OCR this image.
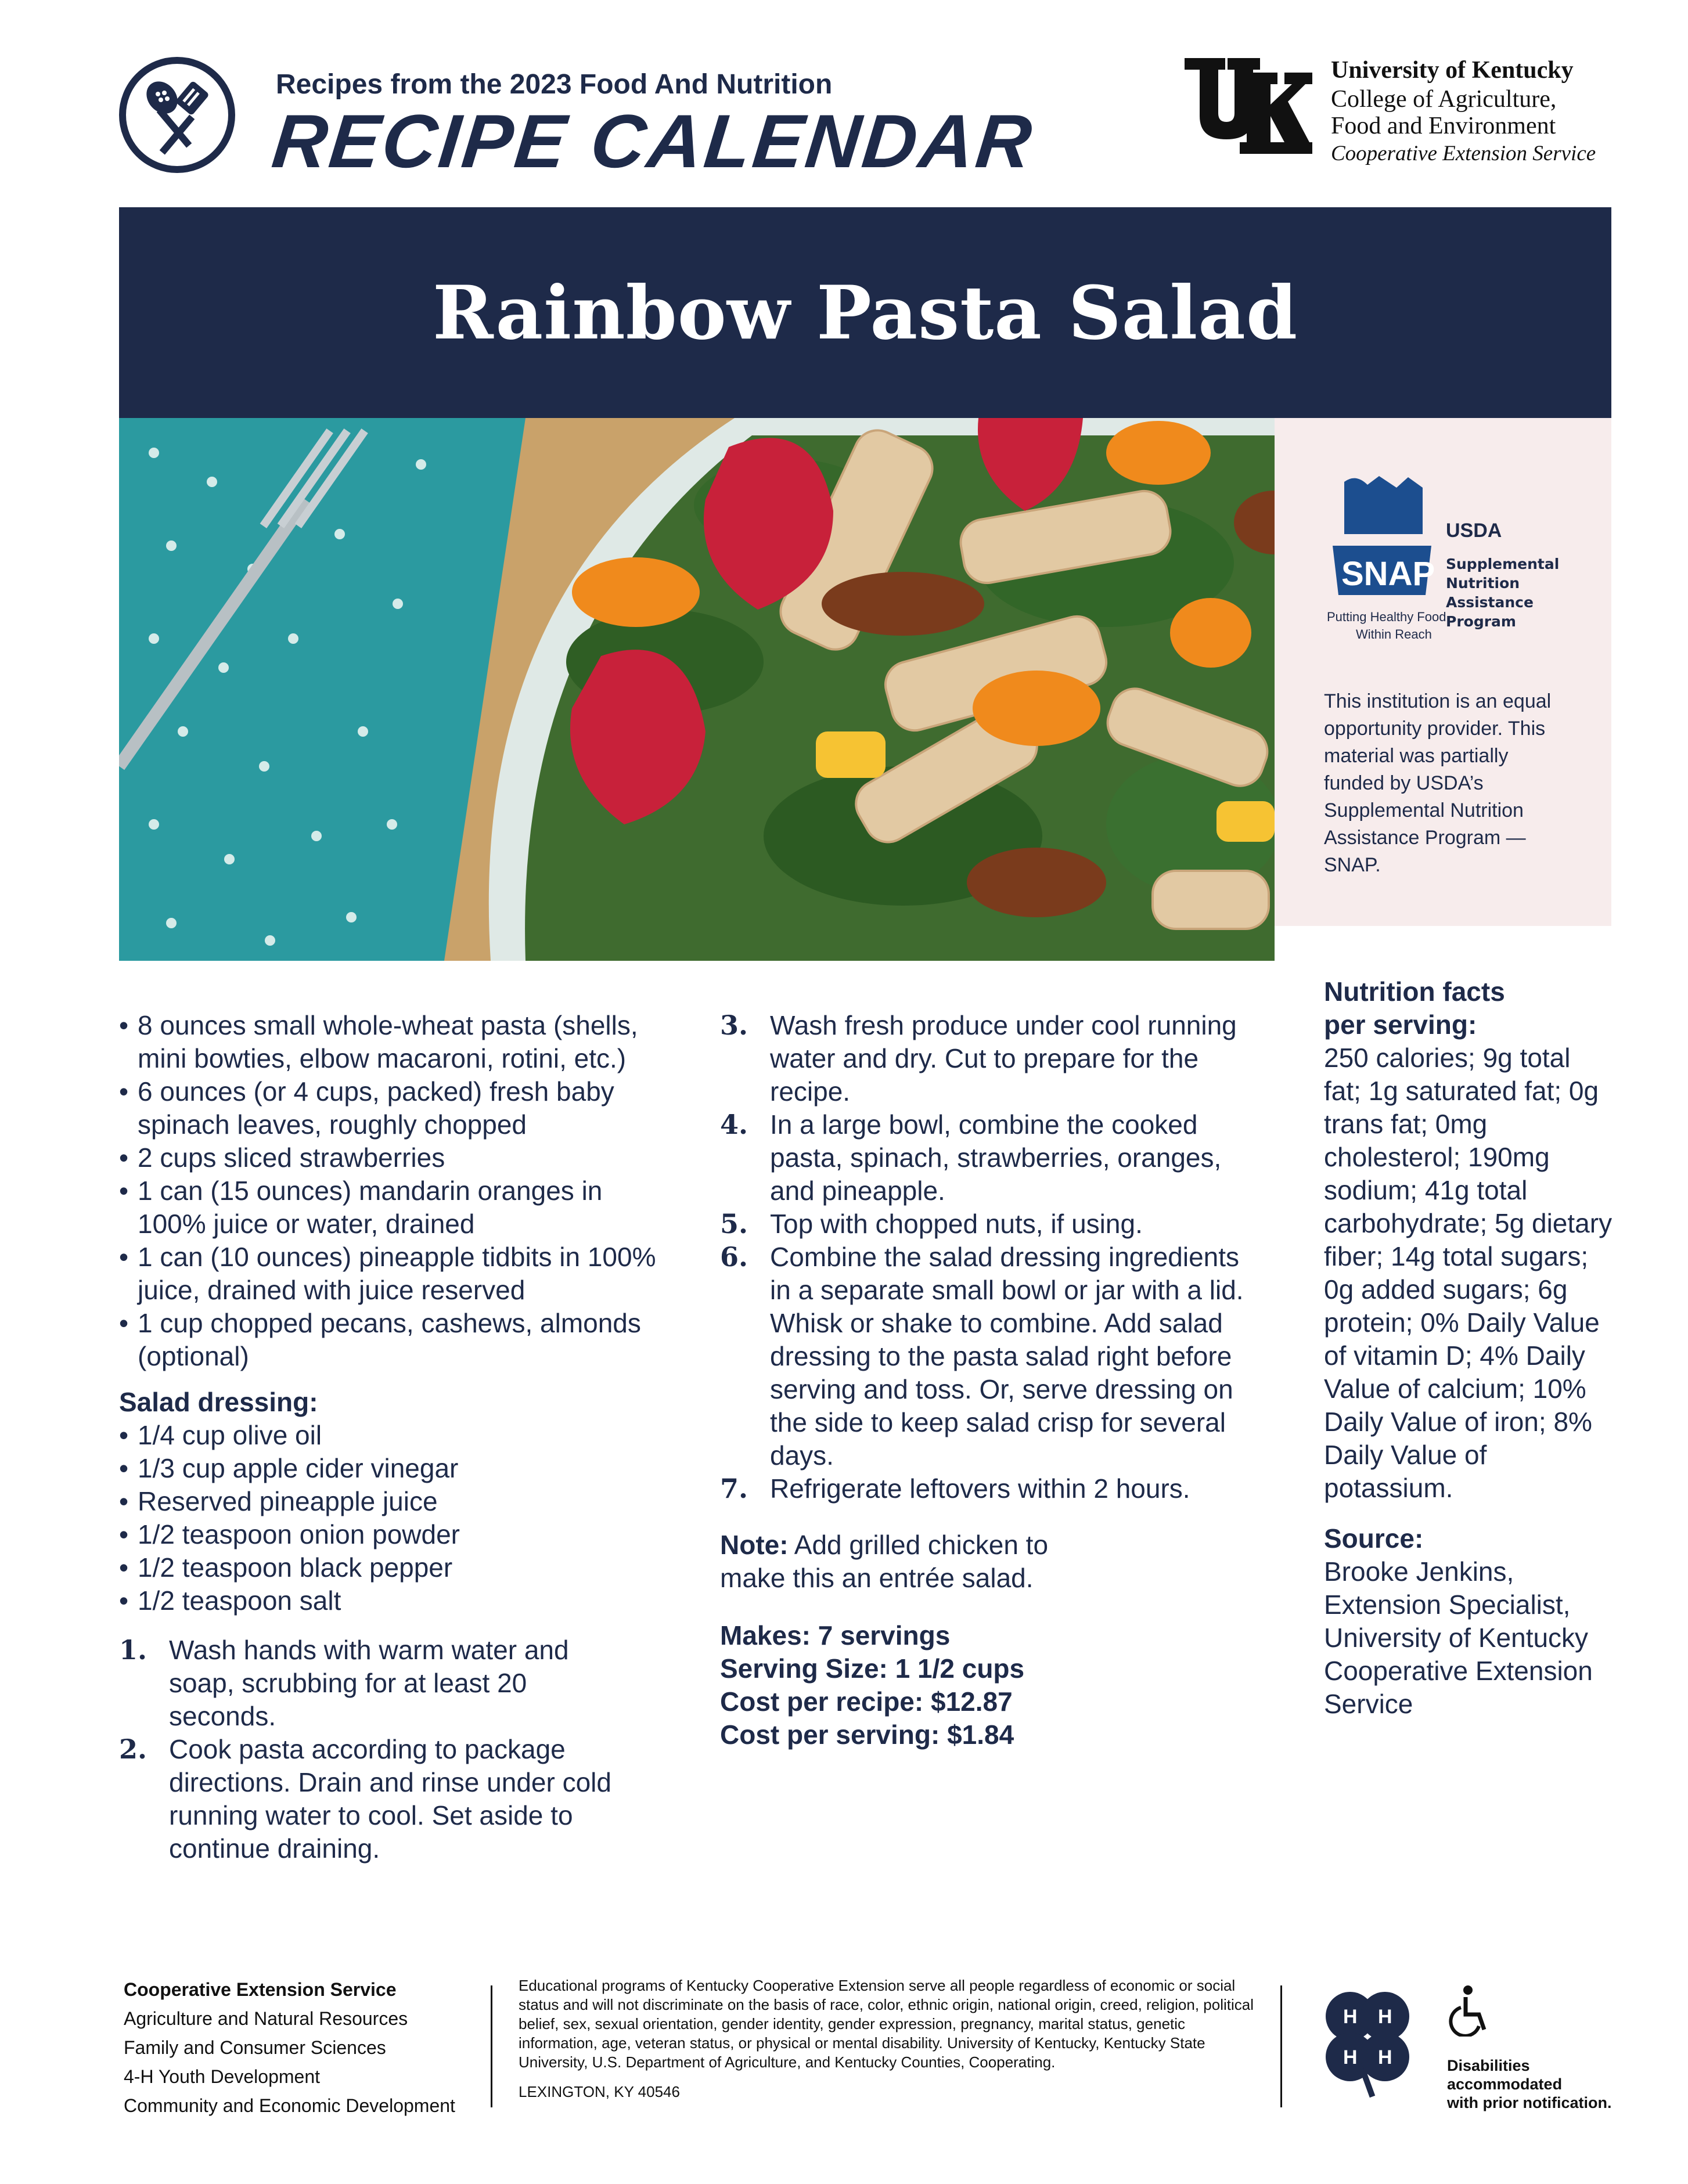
Recipes from the 2023 Food And Nutrition
RECIPE CALENDAR
University of Kentucky
College of Agriculture,
Food and Environment
Cooperative Extension Service
Rainbow Pasta Salad
SNAP
USDA
Supplemental
Nutrition
Assistance
Program
Putting Healthy Food
Within Reach
This institution is an equal opportunity provider. This material was partially funded by USDA’s Supplemental Nutrition Assistance Program — SNAP.
• 8 ounces small whole-wheat pasta (shells, mini bowties, elbow macaroni, rotini, etc.)
• 6 ounces (or 4 cups, packed) fresh baby spinach leaves, roughly chopped
• 2 cups sliced strawberries
• 1 can (15 ounces) mandarin oranges in 100% juice or water, drained
• 1 can (10 ounces) pineapple tidbits in 100% juice, drained with juice reserved
• 1 cup chopped pecans, cashews, almonds (optional)
Salad dressing:
• 1/4 cup olive oil
• 1/3 cup apple cider vinegar
• Reserved pineapple juice
• 1/2 teaspoon onion powder
• 1/2 teaspoon black pepper
• 1/2 teaspoon salt
1. Wash hands with warm water and soap, scrubbing for at least 20 seconds.
2. Cook pasta according to package directions. Drain and rinse under cold running water to cool. Set aside to continue draining.
3. Wash fresh produce under cool running water and dry. Cut to prepare for the recipe.
4. In a large bowl, combine the cooked pasta, spinach, strawberries, oranges, and pineapple.
5. Top with chopped nuts, if using.
6. Combine the salad dressing ingredients in a separate small bowl or jar with a lid. Whisk or shake to combine. Add salad dressing to the pasta salad right before serving and toss. Or, serve dressing on the side to keep salad crisp for several days.
7. Refrigerate leftovers within 2 hours.
Note: Add grilled chicken to make this an entrée salad.
Makes: 7 servings
Serving Size: 1 1/2 cups
Cost per recipe: $12.87
Cost per serving: $1.84
Nutrition facts per serving:
250 calories; 9g total fat; 1g saturated fat; 0g trans fat; 0mg cholesterol; 190mg sodium; 41g total carbohydrate; 5g dietary fiber; 14g total sugars; 0g added sugars; 6g protein; 0% Daily Value of vitamin D; 4% Daily Value of calcium; 10% Daily Value of iron; 8% Daily Value of potassium.
Source:
Brooke Jenkins, Extension Specialist, University of Kentucky Cooperative Extension Service
Cooperative Extension Service
Agriculture and Natural Resources
Family and Consumer Sciences
4-H Youth Development
Community and Economic Development
Educational programs of Kentucky Cooperative Extension serve all people regardless of economic or social status and will not discriminate on the basis of race, color, ethnic origin, national origin, creed, religion, political belief, sex, sexual orientation, gender identity, gender expression, pregnancy, marital status, genetic information, age, veteran status, or physical or mental disability. University of Kentucky, Kentucky State University, U.S. Department of Agriculture, and Kentucky Counties, Cooperating.
LEXINGTON, KY 40546
H H
H H	Disabilities
accommodated
with prior notification.
